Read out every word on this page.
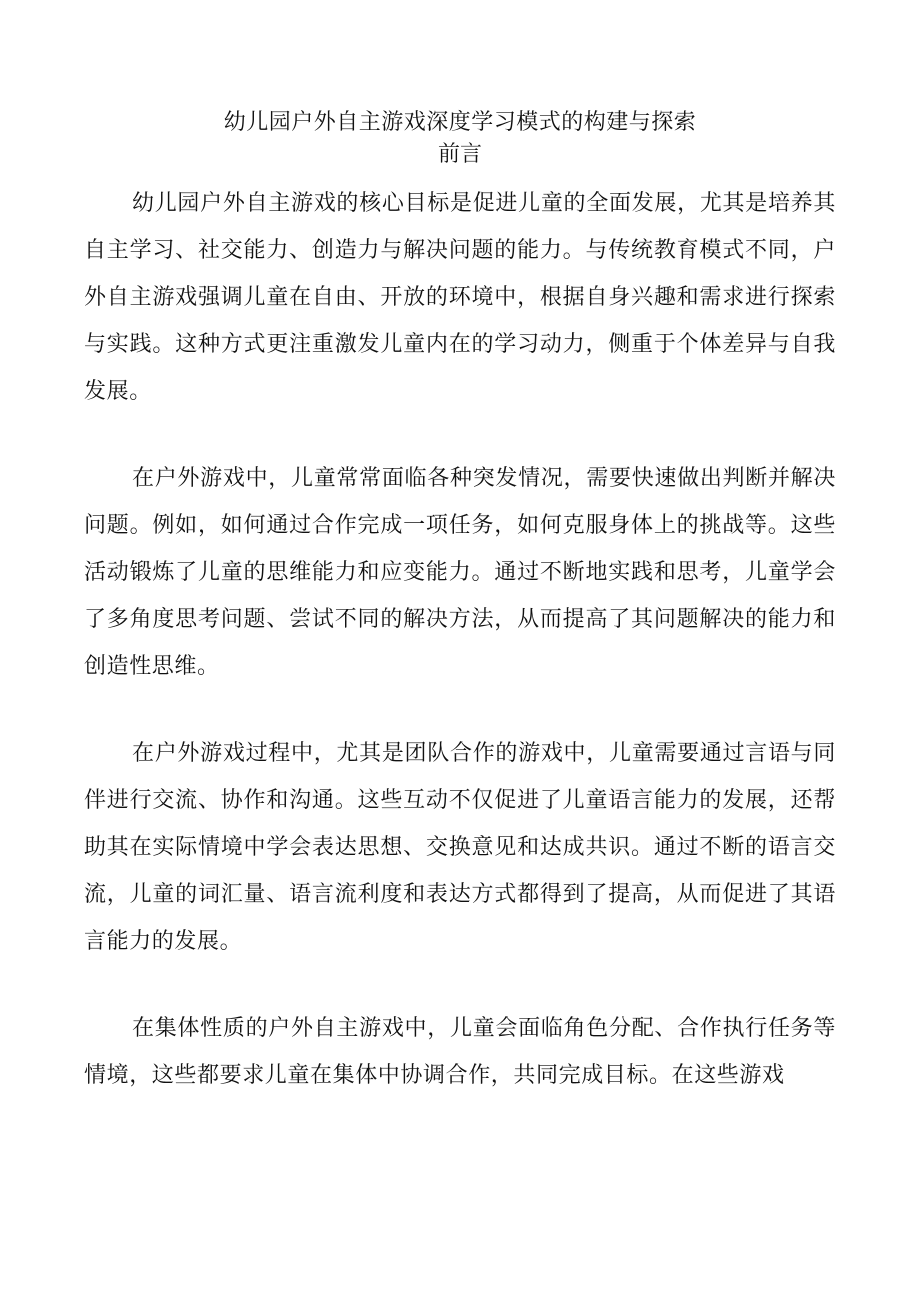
幼儿园户外自主游戏深度学习模式的构建与探索
前言

幼儿园户外自主游戏的核心目标是促进儿童的全面发展，尤其是培养其自主学习、社交能力、创造力与解决问题的能力。与传统教育模式不同，户外自主游戏强调儿童在自由、开放的环境中，根据自身兴趣和需求进行探索与实践。这种方式更注重激发儿童内在的学习动力，侧重于个体差异与自我发展。

在户外游戏中，儿童常常面临各种突发情况，需要快速做出判断并解决问题。例如，如何通过合作完成一项任务，如何克服身体上的挑战等。这些活动锻炼了儿童的思维能力和应变能力。通过不断地实践和思考，儿童学会了多角度思考问题、尝试不同的解决方法，从而提高了其问题解决的能力和创造性思维。

在户外游戏过程中，尤其是团队合作的游戏中，儿童需要通过言语与同伴进行交流、协作和沟通。这些互动不仅促进了儿童语言能力的发展，还帮助其在实际情境中学会表达思想、交换意见和达成共识。通过不断的语言交流，儿童的词汇量、语言流利度和表达方式都得到了提高，从而促进了其语言能力的发展。

在集体性质的户外自主游戏中，儿童会面临角色分配、合作执行任务等情境，这些都要求儿童在集体中协调合作，共同完成目标。在这些游戏
